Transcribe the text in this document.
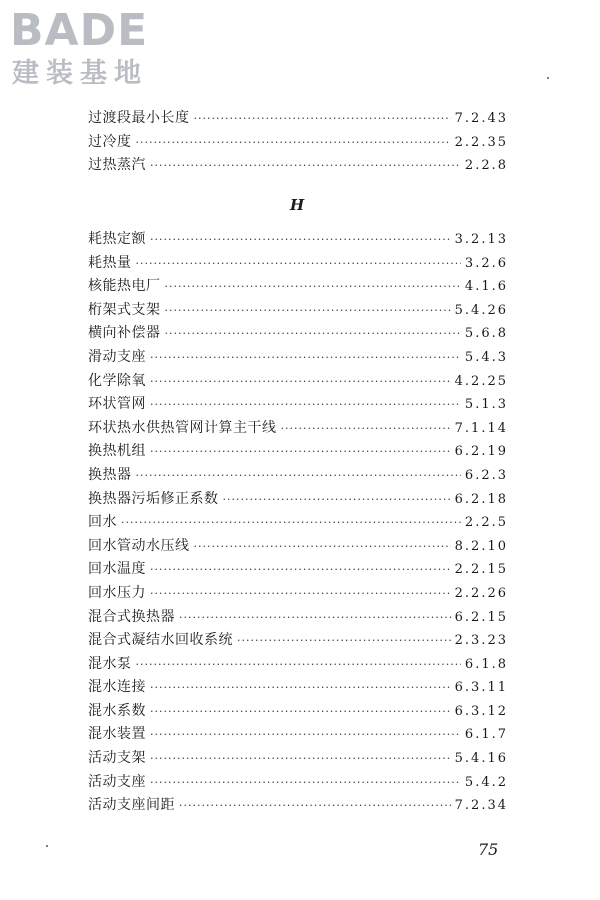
BADE
建装基地
过渡段最小长度 ·····	7.2.43
过冷度 ·····	2.2.35
过热蒸汽 ·····	2.2.8
H
耗热定额 ·····	3.2.13
耗热量 ·····	3.2.6
核能热电厂 ·····	4.1.6
桁架式支架 ·····	5.4.26
横向补偿器 ·····	5.6.8
滑动支座 ·····	5.4.3
化学除氧 ·····	4.2.25
环状管网 ·····	5.1.3
环状热水供热管网计算主干线 ·····	7.1.14
换热机组 ·····	6.2.19
换热器 ·····	6.2.3
换热器污垢修正系数 ·····	6.2.18
回水 ·····	2.2.5
回水管动水压线 ·····	8.2.10
回水温度 ·····	2.2.15
回水压力 ·····	2.2.26
混合式换热器 ·····	6.2.15
混合式凝结水回收系统 ·····	2.3.23
混水泵 ·····	6.1.8
混水连接 ·····	6.3.11
混水系数 ·····	6.3.12
混水装置 ·····	6.1.7
活动支架 ·····	5.4.16
活动支座 ·····	5.4.2
活动支座间距 ·····	7.2.34
75
